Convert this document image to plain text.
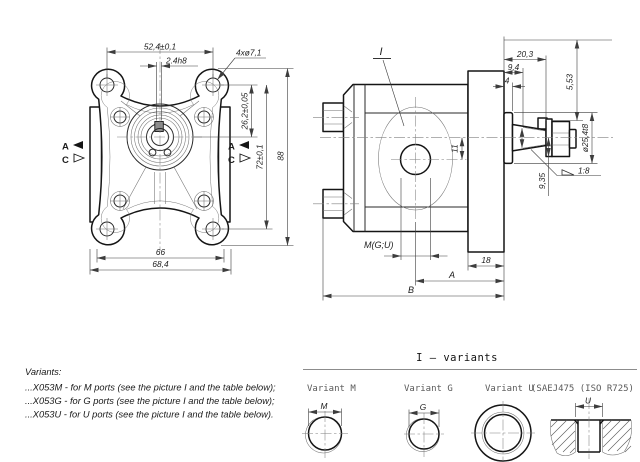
52,4±0,1
2.4h8
4xø7,1
26,2±0,05
72±0,1 88
66
68,4
A
C
A
C
I
1:8
11
M(G;U)
18
A
B
20,3
9,4
4	5,53
ø25,4t8
9,35
Variants:
...X053M - for M ports (see the picture I and the table below);
...X053G - for G ports (see the picture I and the table below);
...X053U - for U ports (see the picture I and the table below).
I — variants
Variant M	Variant G	Variant U
(SAEJ475 (ISO R725)
M	G
U
